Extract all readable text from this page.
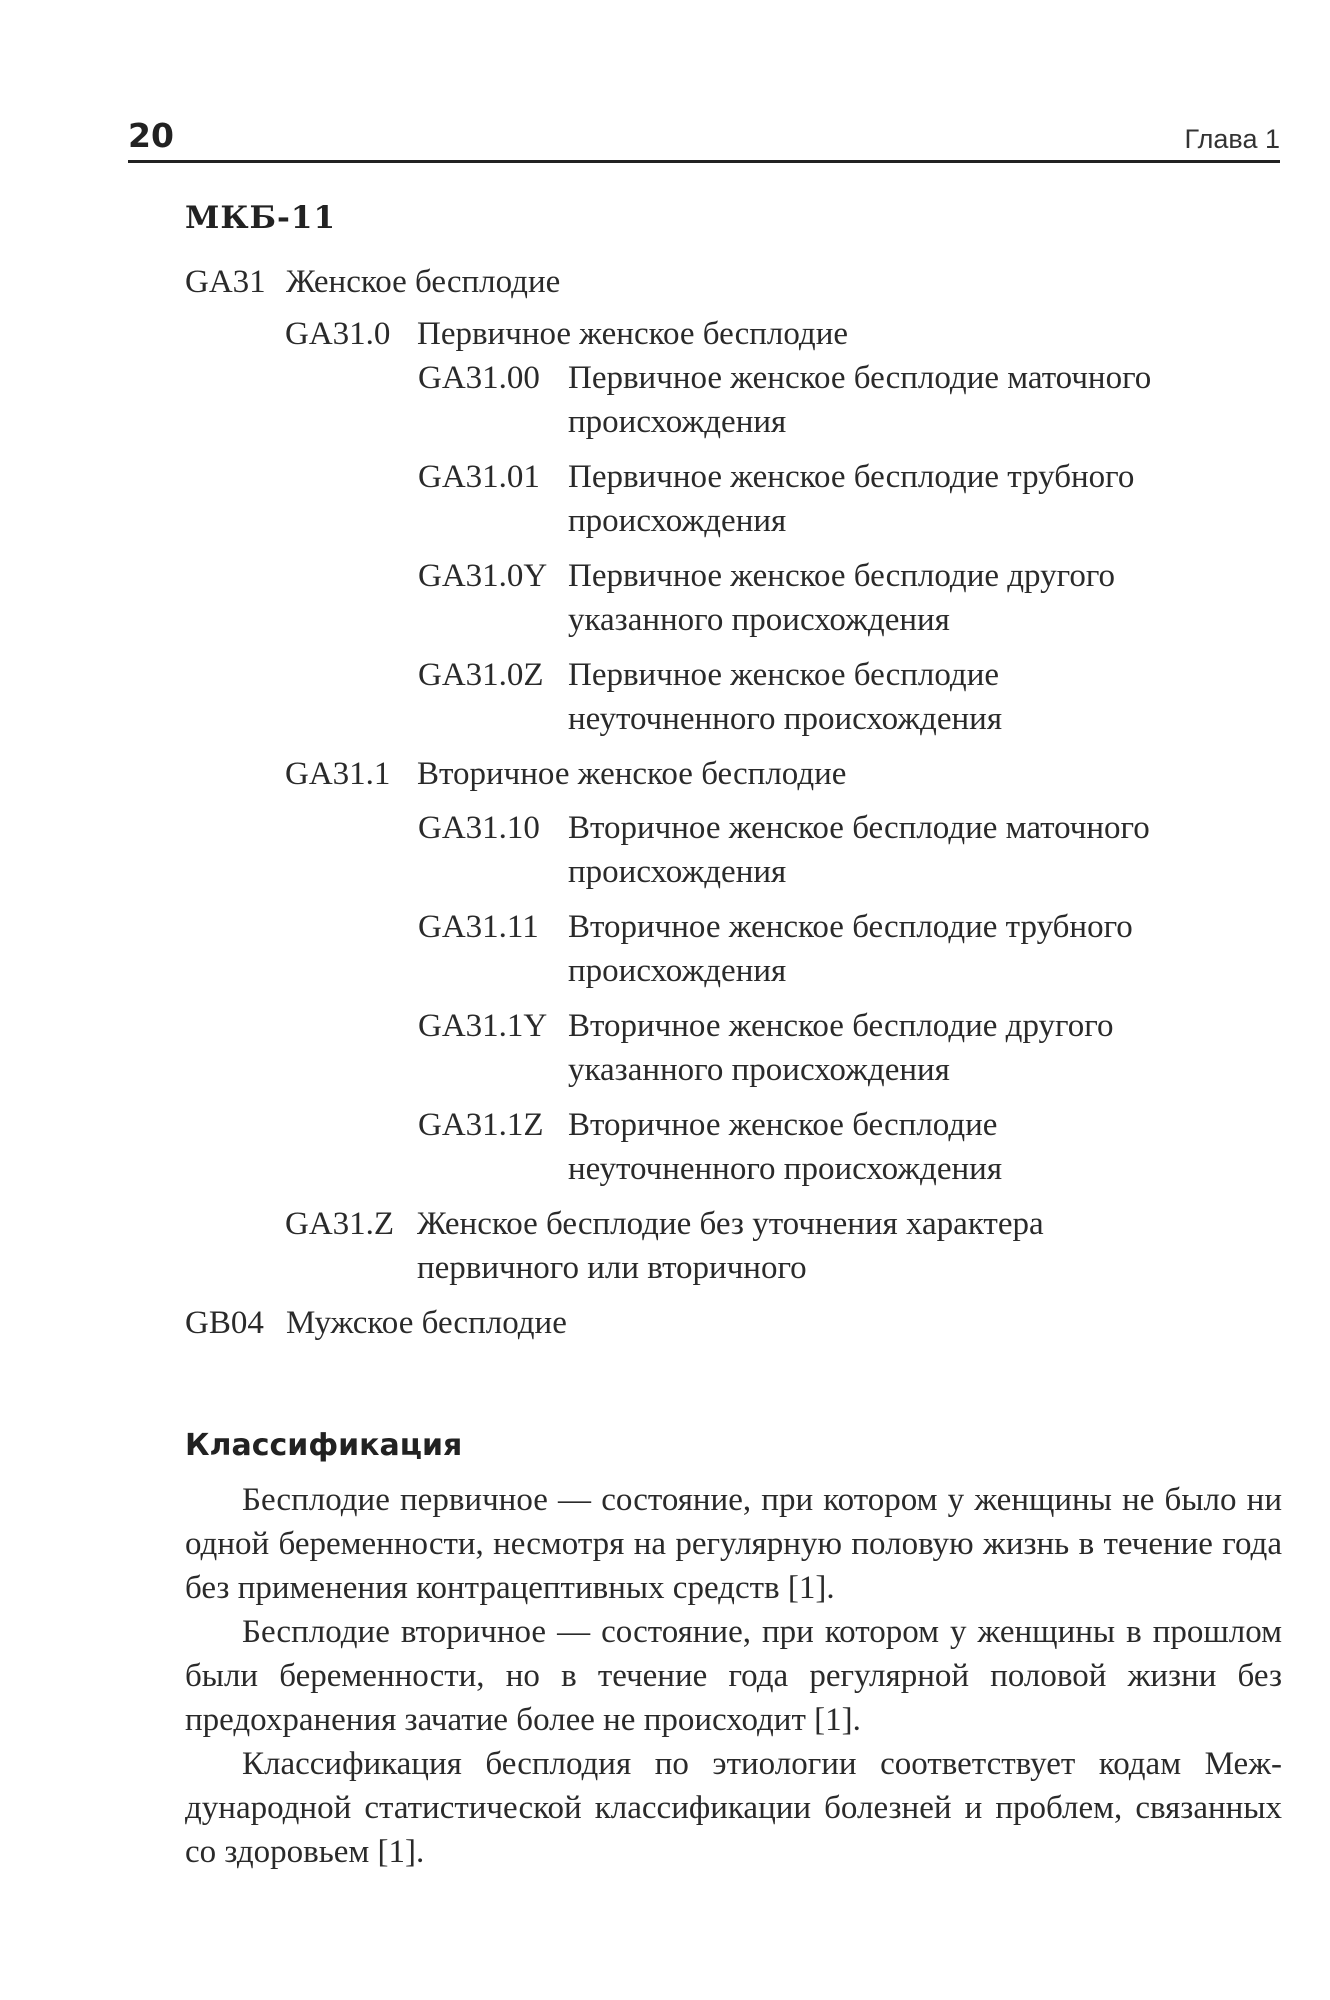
20	Глава 1
МКБ-11
GA31 Женское бесплодие
GA31.0 Первичное женское бесплодие
GA31.00 Первичное женское бесплодие маточного происхождения
GA31.01 Первичное женское бесплодие трубного происхождения
GA31.0Y Первичное женское бесплодие другого указанного происхождения
GA31.0Z Первичное женское бесплодие неуточненного происхождения
GA31.1 Вторичное женское бесплодие
GA31.10 Вторичное женское бесплодие маточного происхождения
GA31.11 Вторичное женское бесплодие трубного происхождения
GA31.1Y Вторичное женское бесплодие другого указанного происхождения
GA31.1Z Вторичное женское бесплодие неуточненного происхождения
GA31.Z Женское бесплодие без уточнения характера первичного или вторичного
GB04 Мужское бесплодие
Классификация

Бесплодие первичное — состояние, при котором у женщины не было ни одной беременности, несмотря на регулярную половую жизнь в течение года без применения контрацептивных средств [1].

Бесплодие вторичное — состояние, при котором у женщины в прошлом были беременности, но в течение года регулярной половой жизни без предохранения зачатие более не происходит [1].

Классификация бесплодия по этиологии соответствует кодам Международной статистической классификации болезней и проблем, связанных со здоровьем [1].
